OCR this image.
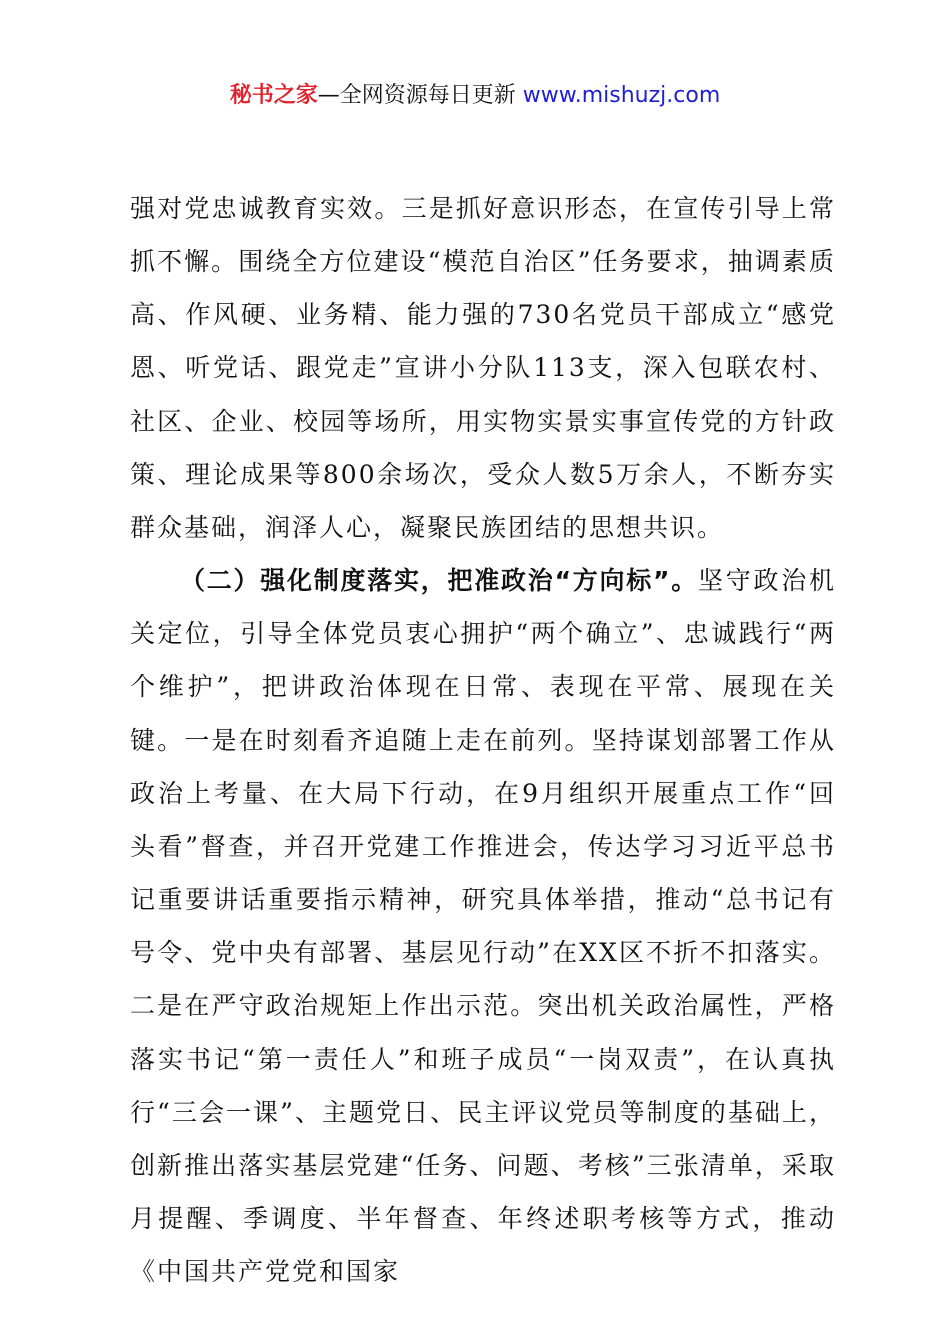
秘书之家—全网资源每日更新 www.mishuzj.com

强对党忠诚教育实效。三是抓好意识形态，在宣传引导上常抓不懈。围绕全方位建设“模范自治区”任务要求，抽调素质高、作风硬、业务精、能力强的730名党员干部成立“感党恩、听党话、跟党走”宣讲小分队113支，深入包联农村、社区、企业、校园等场所，用实物实景实事宣传党的方针政策、理论成果等800余场次，受众人数5万余人，不断夯实群众基础，润泽人心，凝聚民族团结的思想共识。

（二）强化制度落实，把准政治“方向标”。坚守政治机关定位，引导全体党员衷心拥护“两个确立”、忠诚践行“两个维护”，把讲政治体现在日常、表现在平常、展现在关键。一是在时刻看齐追随上走在前列。坚持谋划部署工作从政治上考量、在大局下行动，在9月组织开展重点工作“回头看”督查，并召开党建工作推进会，传达学习习近平总书记重要讲话重要指示精神，研究具体举措，推动“总书记有号令、党中央有部署、基层见行动”在XX区不折不扣落实。二是在严守政治规矩上作出示范。突出机关政治属性，严格落实书记“第一责任人”和班子成员“一岗双责”，在认真执行“三会一课”、主题党日、民主评议党员等制度的基础上，创新推出落实基层党建“任务、问题、考核”三张清单，采取月提醒、季调度、半年督查、年终述职考核等方式，推动《中国共产党党和国家
